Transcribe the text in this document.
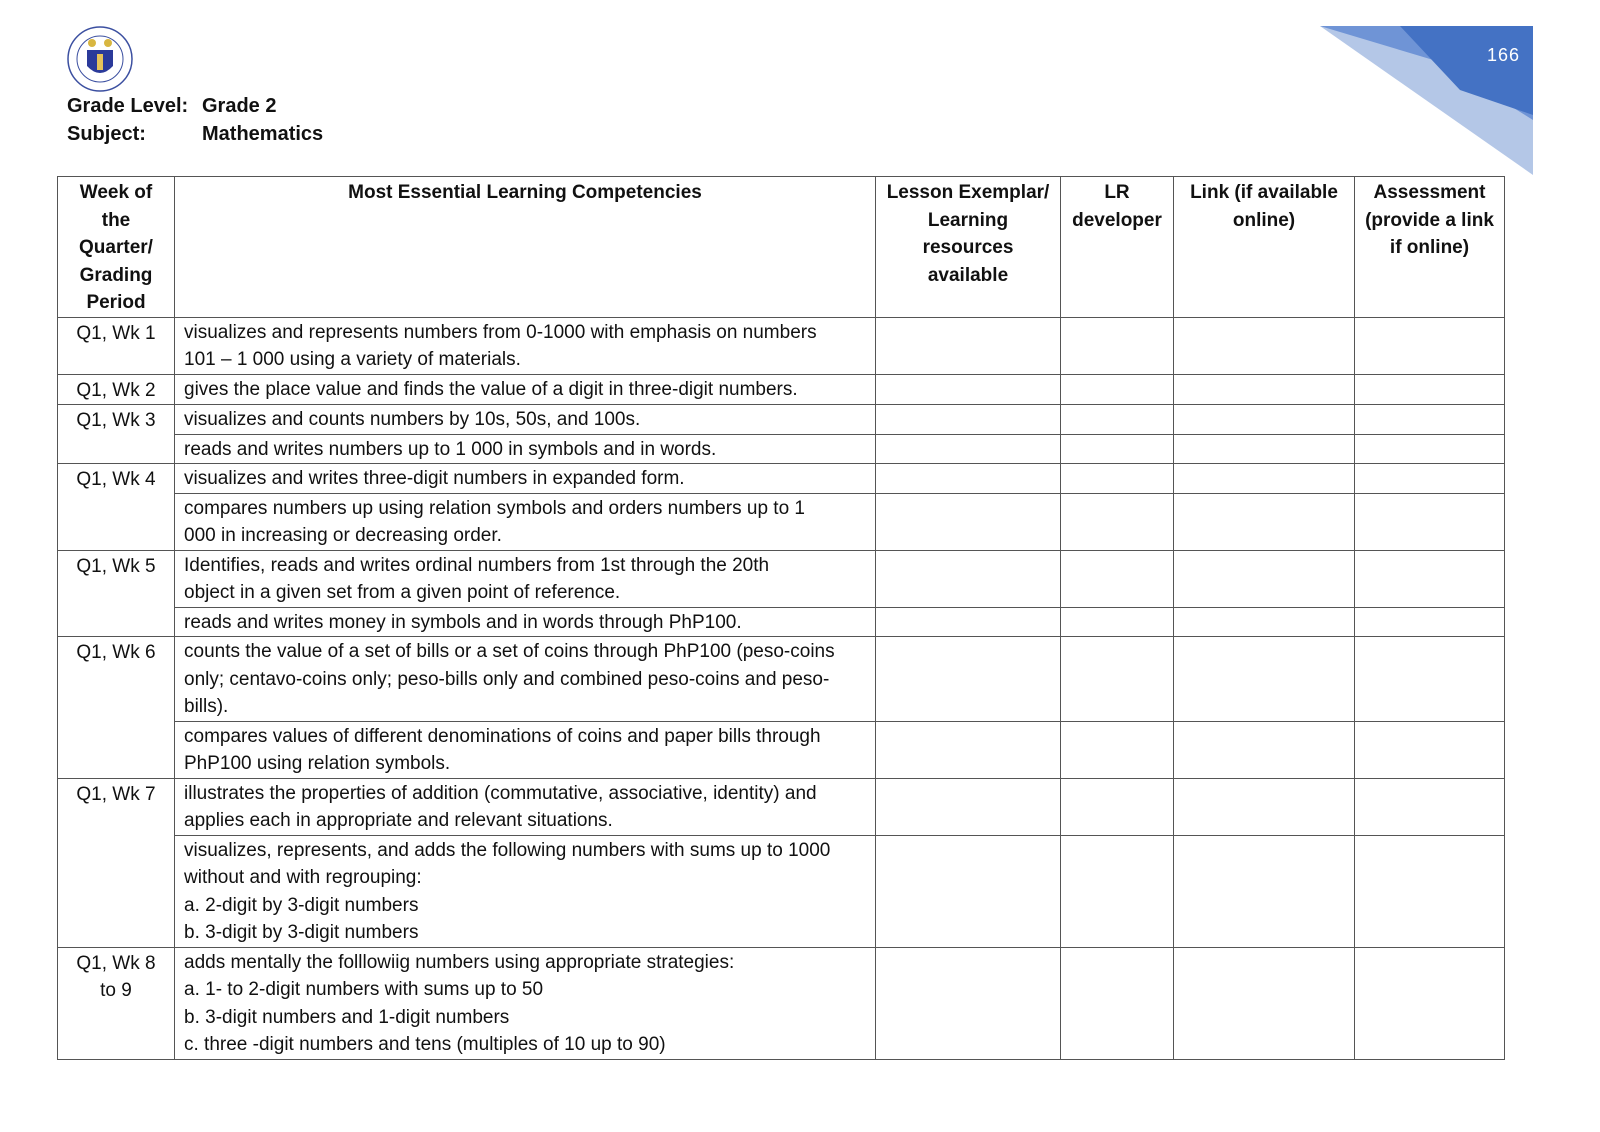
166
Grade Level: Grade 2
Subject:	Mathematics
Week of the Quarter/ Grading Period	Most Essential Learning Competencies	Lesson Exemplar/ Learning resources available	LR developer	Link (if available online)	Assessment (provide a link if online)
Q1, Wk 1	visualizes and represents numbers from 0-1000 with emphasis on numbers
101 – 1 000 using a variety of materials.				
Q1, Wk 2	gives the place value and finds the value of a digit in three-digit numbers.				
Q1, Wk 3	visualizes and counts numbers by 10s, 50s, and 100s.				
	reads and writes numbers up to 1 000 in symbols and in words.				
Q1, Wk 4	visualizes and writes three-digit numbers in expanded form.				
	compares numbers up using relation symbols and orders numbers up to 1
000 in increasing or decreasing order.				
Q1, Wk 5	Identifies, reads and writes ordinal numbers from 1st through the 20th
object in a given set from a given point of reference.				
	reads and writes money in symbols and in words through PhP100.				
Q1, Wk 6	counts the value of a set of bills or a set of coins through PhP100 (peso-coins
only; centavo-coins only; peso-bills only and combined peso-coins and peso-
bills).				
	compares values of different denominations of coins and paper bills through
PhP100 using relation symbols.				
Q1, Wk 7	illustrates the properties of addition (commutative, associative, identity) and
applies each in appropriate and relevant situations.				
	visualizes, represents, and adds the following numbers with sums up to 1000
without and with regrouping:
a. 2-digit by 3-digit numbers
b. 3-digit by 3-digit numbers				
Q1, Wk 8
to 9	adds mentally the folllowiig numbers using appropriate strategies:
a. 1- to 2-digit numbers with sums up to 50
b. 3-digit numbers and 1-digit numbers
c. three -digit numbers and tens (multiples of 10 up to 90)				
